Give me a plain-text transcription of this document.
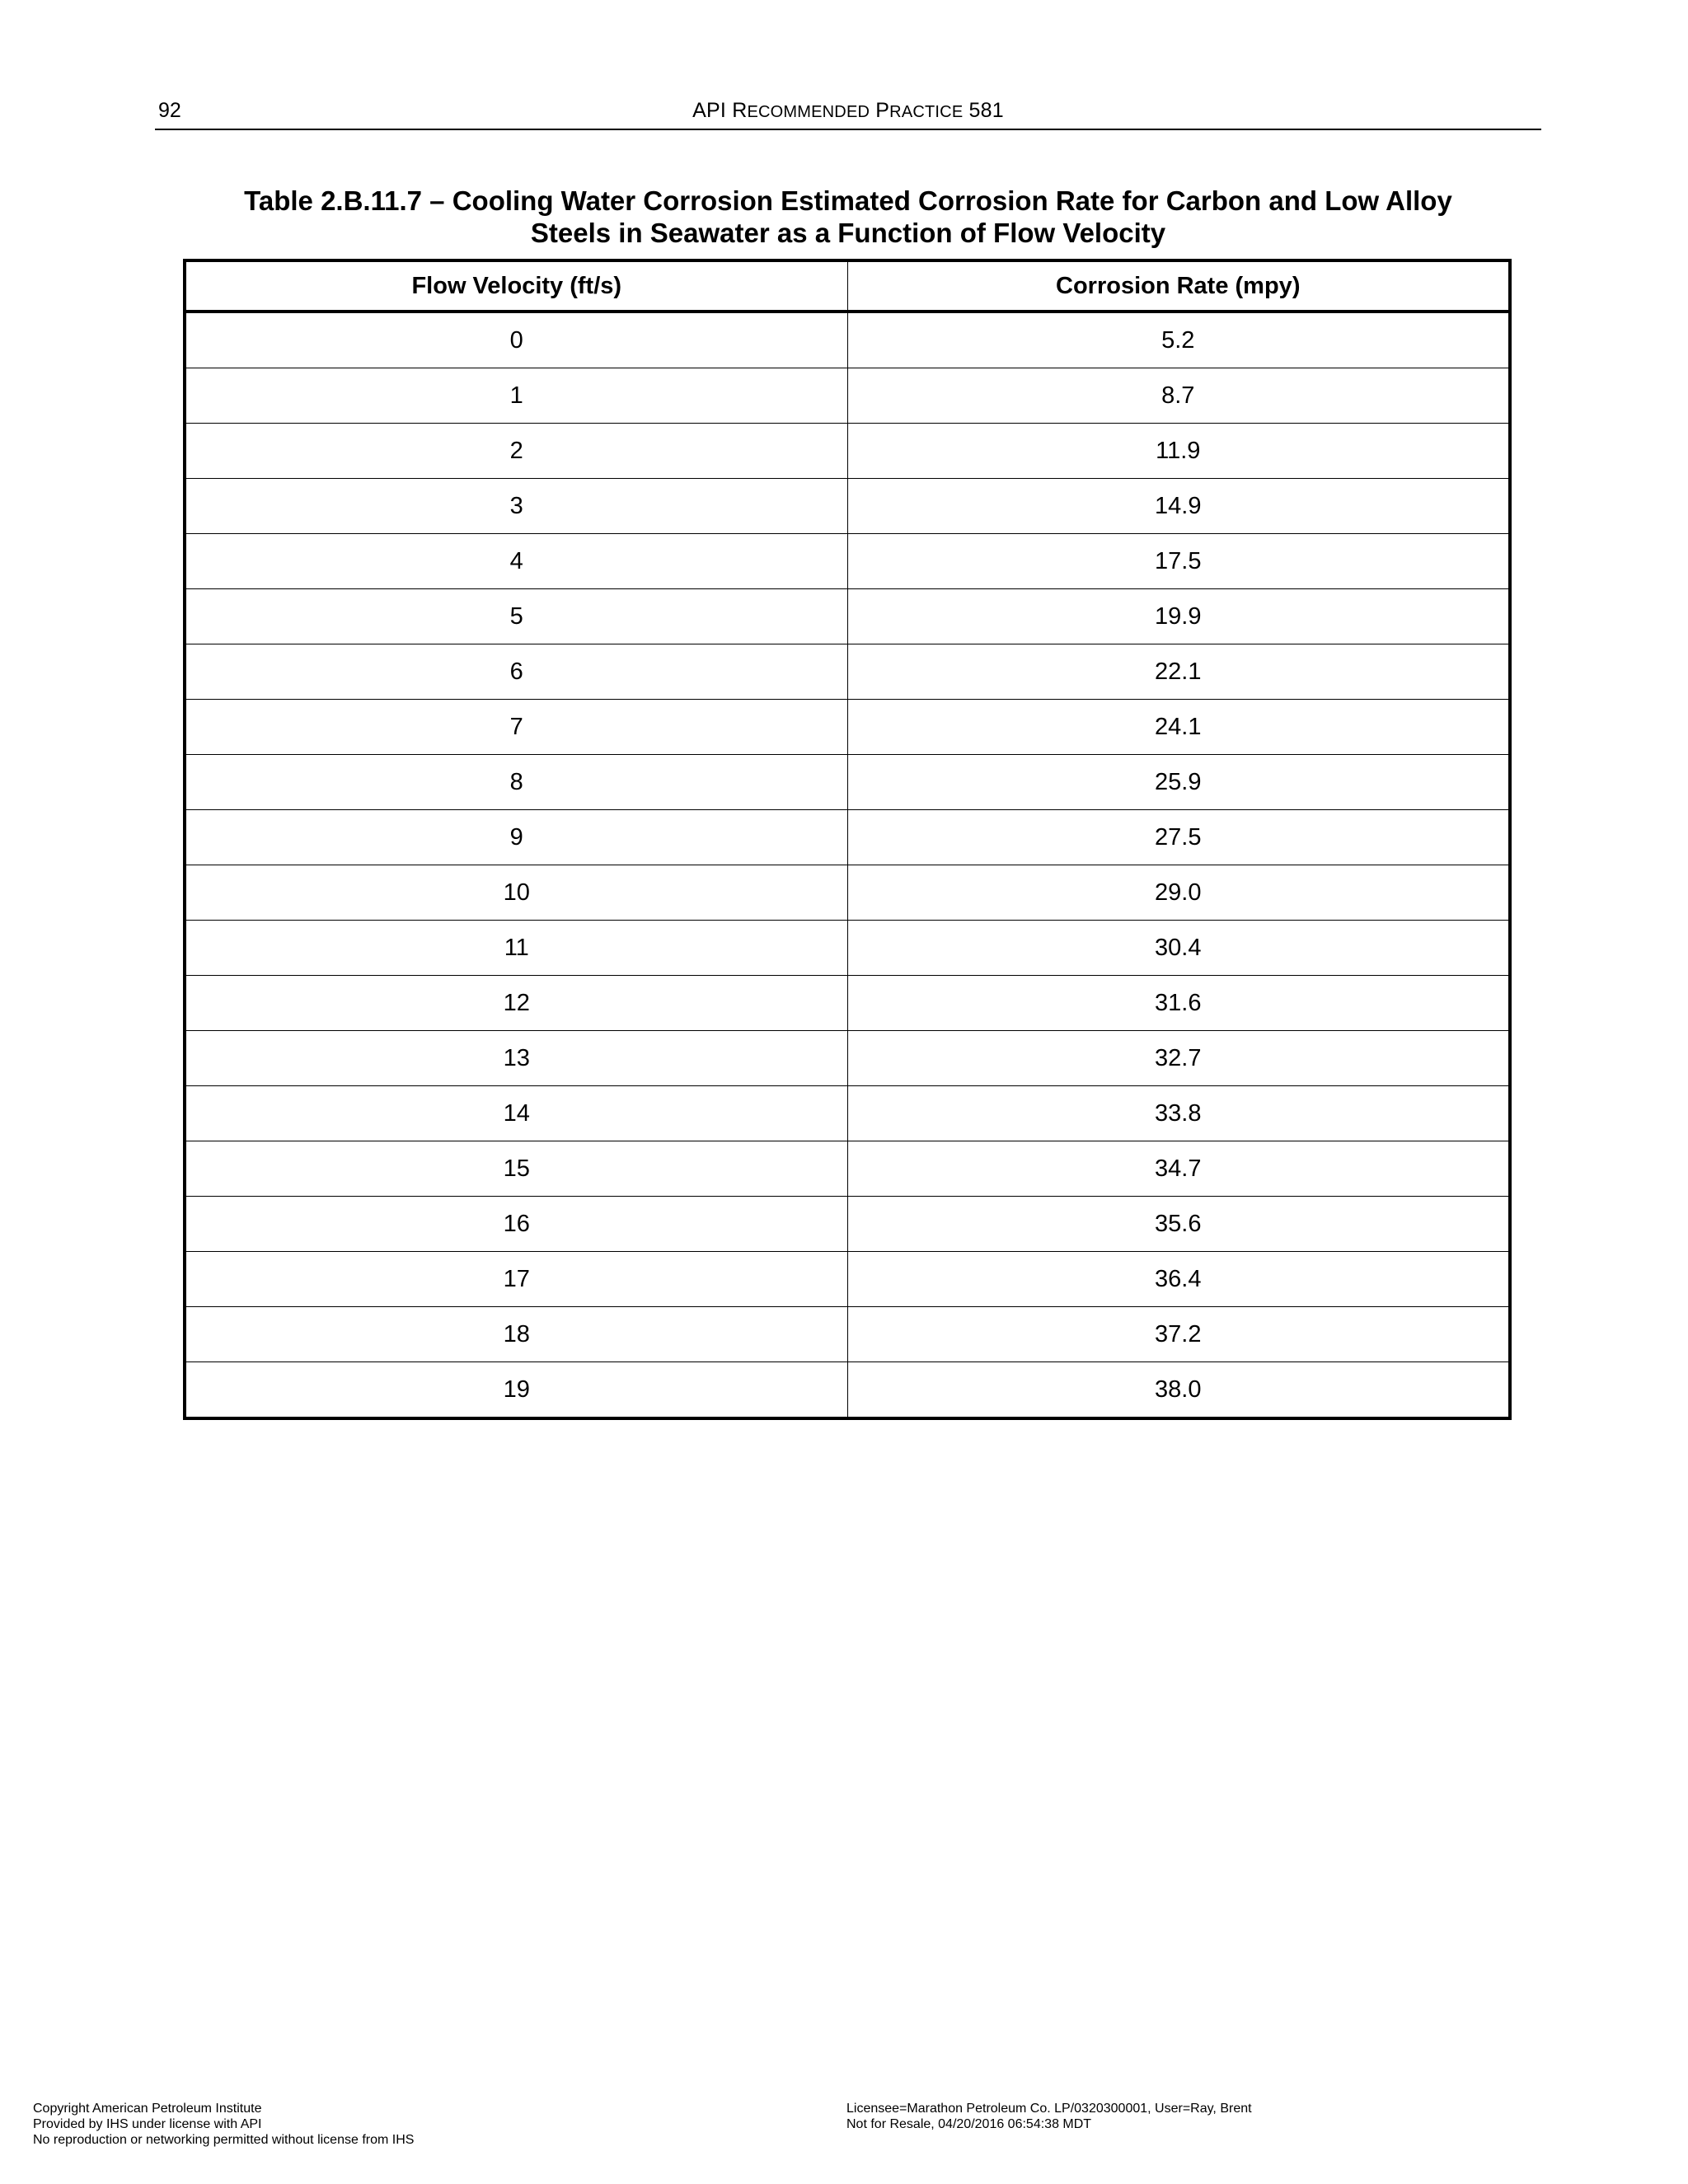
92	API RECOMMENDED PRACTICE 581
Table 2.B.11.7 – Cooling Water Corrosion Estimated Corrosion Rate for Carbon and Low Alloy
Steels in Seawater as a Function of Flow Velocity
Flow Velocity (ft/s)	Corrosion Rate (mpy)
0	5.2
1	8.7
2	11.9
3	14.9
4	17.5
5	19.9
6	22.1
7	24.1
8	25.9
9	27.5
10	29.0
11	30.4
12	31.6
13	32.7
14	33.8
15	34.7
16	35.6
17	36.4
18	37.2
19	38.0
Copyright American Petroleum Institute
Provided by IHS under license with API
No reproduction or networking permitted without license from IHS
Licensee=Marathon Petroleum Co. LP/0320300001, User=Ray, Brent
Not for Resale, 04/20/2016 06:54:38 MDT
